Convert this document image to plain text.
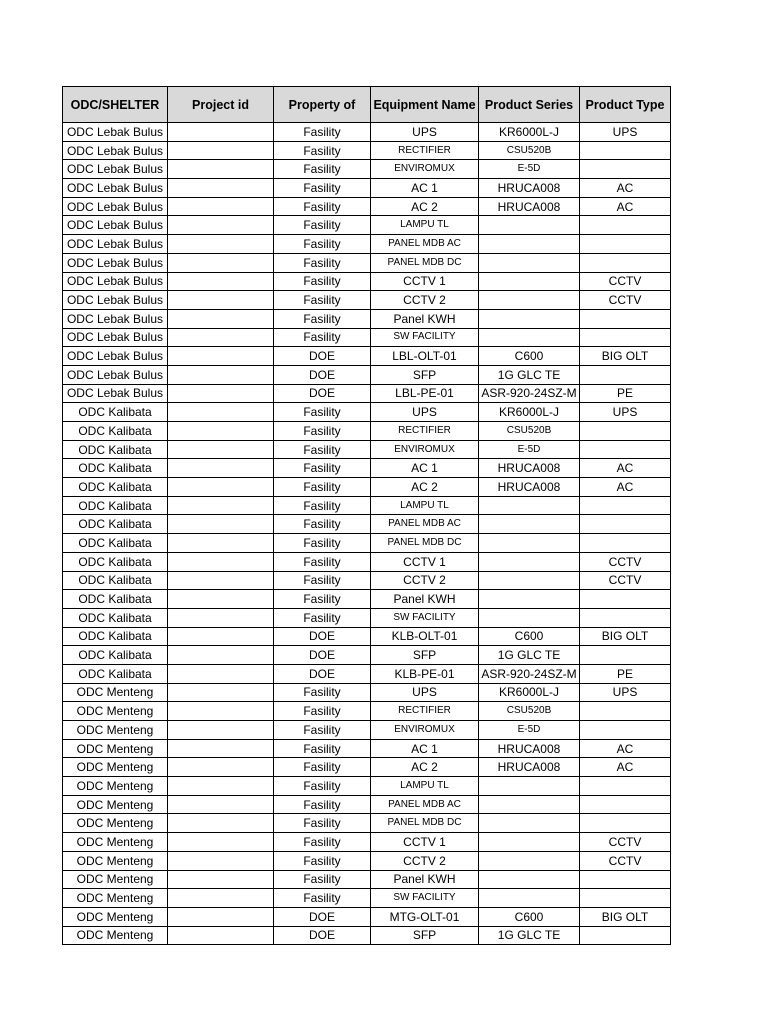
ODC/SHELTER	Project id	Property of	Equipment Name	Product Series	Product Type
ODC Lebak Bulus		Fasility	UPS	KR6000L-J	UPS
ODC Lebak Bulus		Fasility	RECTIFIER	CSU520B	
ODC Lebak Bulus		Fasility	ENVIROMUX	E-5D	
ODC Lebak Bulus		Fasility	AC 1	HRUCA008	AC
ODC Lebak Bulus		Fasility	AC 2	HRUCA008	AC
ODC Lebak Bulus		Fasility	LAMPU TL		
ODC Lebak Bulus		Fasility	PANEL MDB AC		
ODC Lebak Bulus		Fasility	PANEL MDB DC		
ODC Lebak Bulus		Fasility	CCTV 1		CCTV
ODC Lebak Bulus		Fasility	CCTV 2		CCTV
ODC Lebak Bulus		Fasility	Panel KWH		
ODC Lebak Bulus		Fasility	SW FACILITY		
ODC Lebak Bulus		DOE	LBL-OLT-01	C600	BIG OLT
ODC Lebak Bulus		DOE	SFP	1G GLC TE	
ODC Lebak Bulus		DOE	LBL-PE-01	ASR-920-24SZ-M	PE
ODC Kalibata		Fasility	UPS	KR6000L-J	UPS
ODC Kalibata		Fasility	RECTIFIER	CSU520B	
ODC Kalibata		Fasility	ENVIROMUX	E-5D	
ODC Kalibata		Fasility	AC 1	HRUCA008	AC
ODC Kalibata		Fasility	AC 2	HRUCA008	AC
ODC Kalibata		Fasility	LAMPU TL		
ODC Kalibata		Fasility	PANEL MDB AC		
ODC Kalibata		Fasility	PANEL MDB DC		
ODC Kalibata		Fasility	CCTV 1		CCTV
ODC Kalibata		Fasility	CCTV 2		CCTV
ODC Kalibata		Fasility	Panel KWH		
ODC Kalibata		Fasility	SW FACILITY		
ODC Kalibata		DOE	KLB-OLT-01	C600	BIG OLT
ODC Kalibata		DOE	SFP	1G GLC TE	
ODC Kalibata		DOE	KLB-PE-01	ASR-920-24SZ-M	PE
ODC Menteng		Fasility	UPS	KR6000L-J	UPS
ODC Menteng		Fasility	RECTIFIER	CSU520B	
ODC Menteng		Fasility	ENVIROMUX	E-5D	
ODC Menteng		Fasility	AC 1	HRUCA008	AC
ODC Menteng		Fasility	AC 2	HRUCA008	AC
ODC Menteng		Fasility	LAMPU TL		
ODC Menteng		Fasility	PANEL MDB AC		
ODC Menteng		Fasility	PANEL MDB DC		
ODC Menteng		Fasility	CCTV 1		CCTV
ODC Menteng		Fasility	CCTV 2		CCTV
ODC Menteng		Fasility	Panel KWH		
ODC Menteng		Fasility	SW FACILITY		
ODC Menteng		DOE	MTG-OLT-01	C600	BIG OLT
ODC Menteng		DOE	SFP	1G GLC TE	
